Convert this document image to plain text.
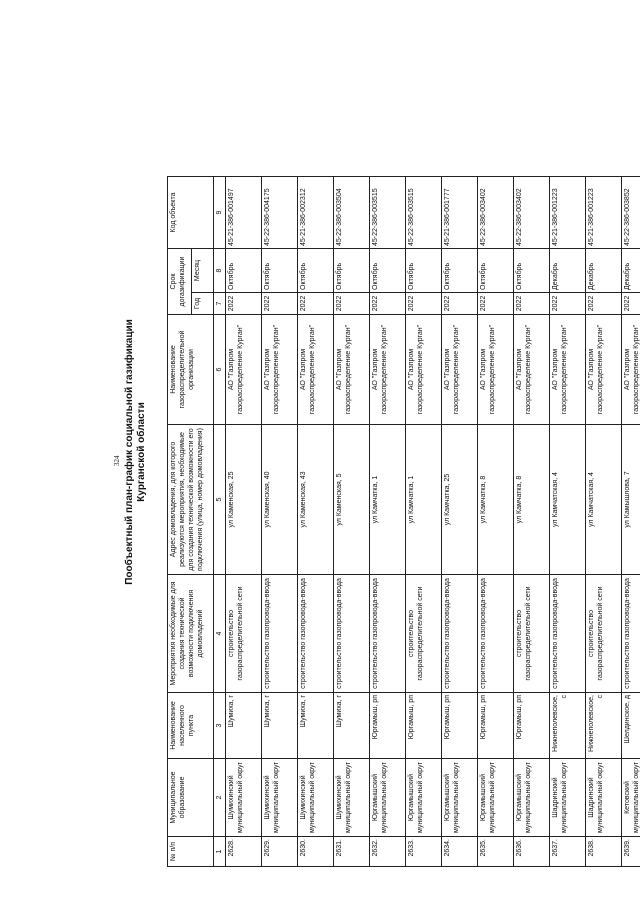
324 Пообъектный план-график социальной газификации Курганской области
№ п/п	Муниципальное образование	Наименование населенного пункта	Мероприятия необходимые для создания технической возможности подключения домовладений	Адрес домовладения, для которого реализуются мероприятия, необходимые для создания технической возможности его подключения (улица, номер домовладения)	Наименование газораспределительной организации	Срок догазификации		Код объекта
						Год	Месяц	
1	2	3	4	5	6	7	8	9
2628.	Шумихинский муниципальный округ	Шумиха, г	строительство газораспределительной сети	ул Каменская, 25	АО "Газпром газораспределение Курган"	2022	Октябрь	45-21-386-001497
2629.	Шумихинский муниципальный округ	Шумиха, г	строительство газопровода-ввода	ул Каменская, 40	АО "Газпром газораспределение Курган"	2022	Октябрь	45-22-386-004175
2630.	Шумихинский муниципальный округ	Шумиха, г	строительство газопровода-ввода	ул Каменская, 43	АО "Газпром газораспределение Курган"	2022	Октябрь	45-21-386-002312
2631.	Шумихинский муниципальный округ	Шумиха, г	строительство газопровода-ввода	ул Каменская, 5	АО "Газпром газораспределение Курган"	2022	Октябрь	45-22-386-003504
2632.	Юргамышский муниципальный округ	Юргамыш, рп	строительство газопровода-ввода	ул Камчатка, 1	АО "Газпром газораспределение Курган"	2022	Октябрь	45-22-386-003515
2633.	Юргамышский муниципальный округ	Юргамыш, рп	строительство газораспределительной сети	ул Камчатка, 1	АО "Газпром газораспределение Курган"	2022	Октябрь	45-22-386-003515
2634.	Юргамышский муниципальный округ	Юргамыш, рп	строительство газопровода-ввода	ул Камчатка, 25	АО "Газпром газораспределение Курган"	2022	Октябрь	45-21-386-001777
2635.	Юргамышский муниципальный округ	Юргамыш, рп	строительство газопровода-ввода	ул Камчатка, 8	АО "Газпром газораспределение Курган"	2022	Октябрь	45-22-386-003402
2636.	Юргамышский муниципальный округ	Юргамыш, рп	строительство газораспределительной сети	ул Камчатка, 8	АО "Газпром газораспределение Курган"	2022	Октябрь	45-22-386-003402
2637.	Шадринский муниципальный округ	Нижнеполевское, с	строительство газопровода-ввода	ул Камчатская, 4	АО "Газпром газораспределение Курган"	2022	Декабрь	45-21-386-001223
2638.	Шадринский муниципальный округ	Нижнеполевское, с	строительство газораспределительной сети	ул Камчатская, 4	АО "Газпром газораспределение Курган"	2022	Декабрь	45-21-386-001223
2639.	Кетовский муниципальный округ	Шелдинское, д	строительство газопровода-ввода	ул Камышлова, 7	АО "Газпром газораспределение Курган"	2022	Декабрь	45-22-386-003852
